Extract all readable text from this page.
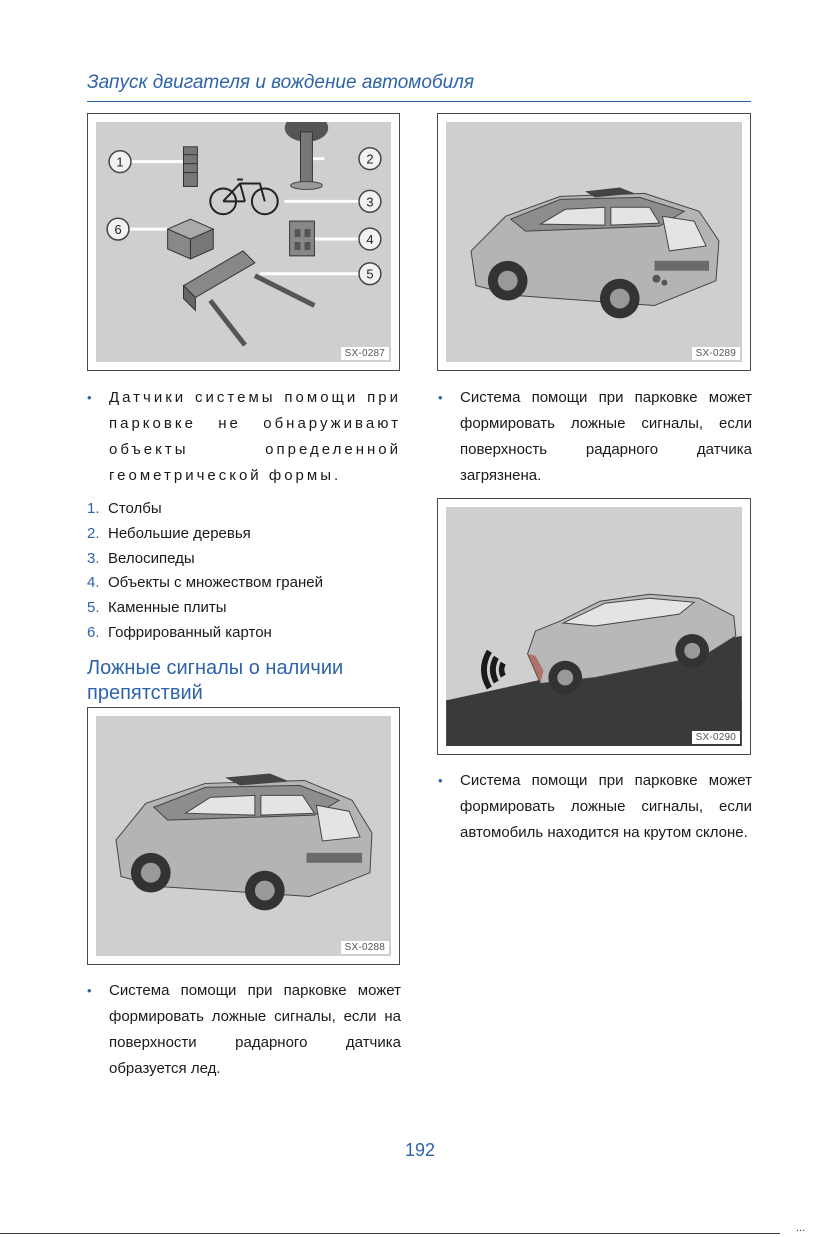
Запуск двигателя и вождение автомобиля
1	2
3
4
5
6
SX-0287	SX-0289
• Датчики системы помощи при парковке не обнаруживают объекты определенной геометрической формы.
1. Столбы
2. Небольшие деревья
3. Велосипеды
4. Объекты с множеством граней
5. Каменные плиты
6. Гофрированный картон
Ложные сигналы о наличии препятствий
SX-0288
• Система помощи при парковке может формировать ложные сигналы, если на поверхности радарного датчика образуется лед.
• Система помощи при парковке может формировать ложные сигналы, если поверхность радарного датчика загрязнена.
SX-0290
• Система помощи при парковке может формировать ложные сигналы, если автомобиль находится на крутом склоне.
192
...
